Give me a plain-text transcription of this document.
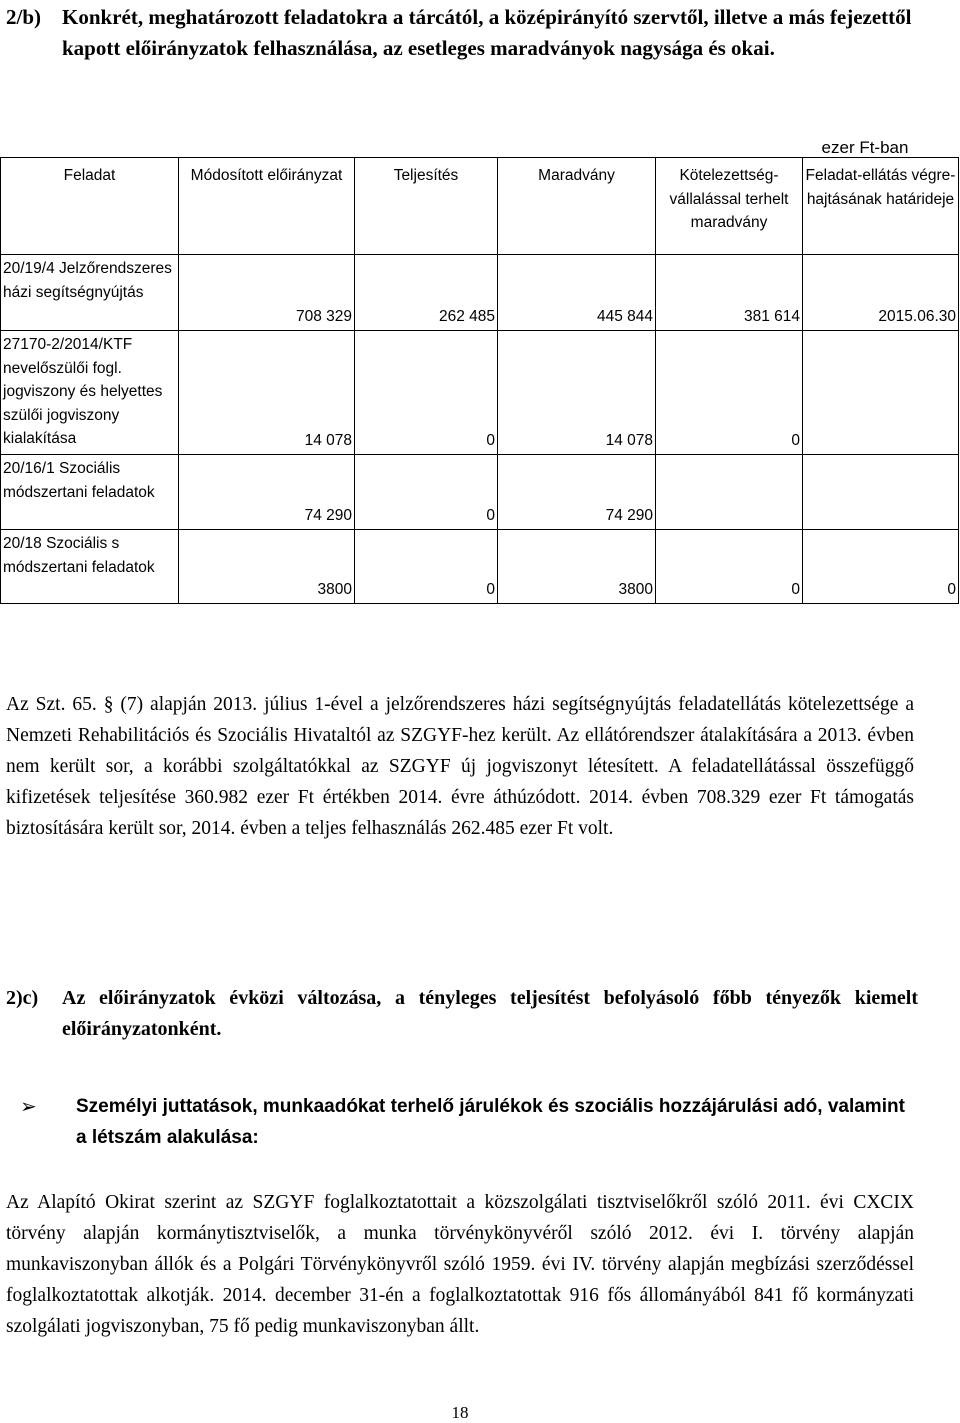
2/b) Konkrét, meghatározott feladatokra a tárcától, a középirányító szervtől, illetve a más fejezettől kapott előirányzatok felhasználása, az esetleges maradványok nagysága és okai.
ezer Ft-ban
Feladat	Módosított előirányzat	Teljesítés	Maradvány	Kötelezettség-vállalással terhelt maradvány	Feladat-ellátás végre-hajtásának határideje

20/19/4 Jelzőrendszeres házi segítségnyújtás	708 329	262 485	445 844	381 614	2015.06.30

27170-2/2014/KTF nevelőszülői fogl. jogviszony és helyettes szülői jogviszony kialakítása	14 078	0	14 078	0	

20/16/1 Szociális módszertani feladatok	74 290	0	74 290		

20/18 Szociális s módszertani feladatok	3800	0	3800	0	0
Az Szt. 65. § (7) alapján 2013. július 1-ével a jelzőrendszeres házi segítségnyújtás feladatellátás kötelezettsége a Nemzeti Rehabilitációs és Szociális Hivataltól az SZGYF-hez került. Az ellátórendszer átalakítására a 2013. évben nem került sor, a korábbi szolgáltatókkal az SZGYF új jogviszonyt létesített. A feladatellátással összefüggő kifizetések teljesítése 360.982 ezer Ft értékben 2014. évre áthúzódott. 2014. évben 708.329 ezer Ft támogatás biztosítására került sor, 2014. évben a teljes felhasználás 262.485 ezer Ft volt.
2)c) Az előirányzatok évközi változása, a tényleges teljesítést befolyásoló főbb tényezők kiemelt előirányzatonként.
➢ Személyi juttatások, munkaadókat terhelő járulékok és szociális hozzájárulási adó, valamint a létszám alakulása:
Az Alapító Okirat szerint az SZGYF foglalkoztatottait a közszolgálati tisztviselőkről szóló 2011. évi CXCIX törvény alapján kormánytisztviselők, a munka törvénykönyvéről szóló 2012. évi I. törvény alapján munkaviszonyban állók és a Polgári Törvénykönyvről szóló 1959. évi IV. törvény alapján megbízási szerződéssel foglalkoztatottak alkotják. 2014. december 31-én a foglalkoztatottak 916 fős állományából 841 fő kormányzati szolgálati jogviszonyban, 75 fő pedig munkaviszonyban állt.
18
